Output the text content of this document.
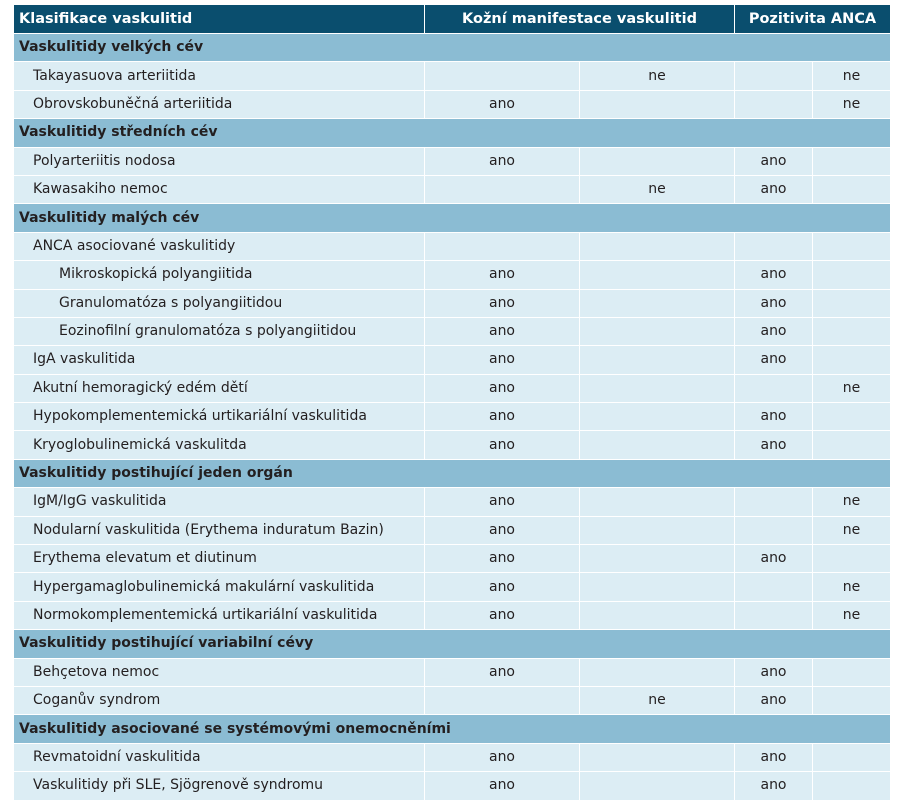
Klasifikace vaskulitid	Kožní manifestace vaskulitid		Pozitivita ANCA	
Vaskulitidy velkých cév				
Takayasuova arteriitida		ne		ne
Obrovskobuněčná arteriitida	ano			ne
Vaskulitidy středních cév				
Polyarteriitis nodosa	ano		ano	
Kawasakiho nemoc		ne	ano	
Vaskulitidy malých cév				
ANCA asociované vaskulitidy				
Mikroskopická polyangiitida	ano		ano	
Granulomatóza s polyangiitidou	ano		ano	
Eozinofilní granulomatóza s polyangiitidou	ano		ano	
IgA vaskulitida	ano		ano	
Akutní hemoragický edém dětí	ano			ne
Hypokomplementemická urtikariální vaskulitida	ano		ano	
Kryoglobulinemická vaskulitda	ano		ano	
Vaskulitidy postihující jeden orgán				
IgM/IgG vaskulitida	ano			ne
Nodularní vaskulitida (Erythema induratum Bazin)	ano			ne
Erythema elevatum et diutinum	ano		ano	
Hypergamaglobulinemická makulární vaskulitida	ano			ne
Normokomplementemická urtikariální vaskulitida	ano			ne
Vaskulitidy postihující variabilní cévy				
Behçetova nemoc	ano		ano	
Coganův syndrom		ne	ano	
Vaskulitidy asociované se systémovými onemocněními				
Revmatoidní vaskulitida	ano		ano	
Vaskulitidy při SLE, Sjögrenově syndromu	ano		ano	
